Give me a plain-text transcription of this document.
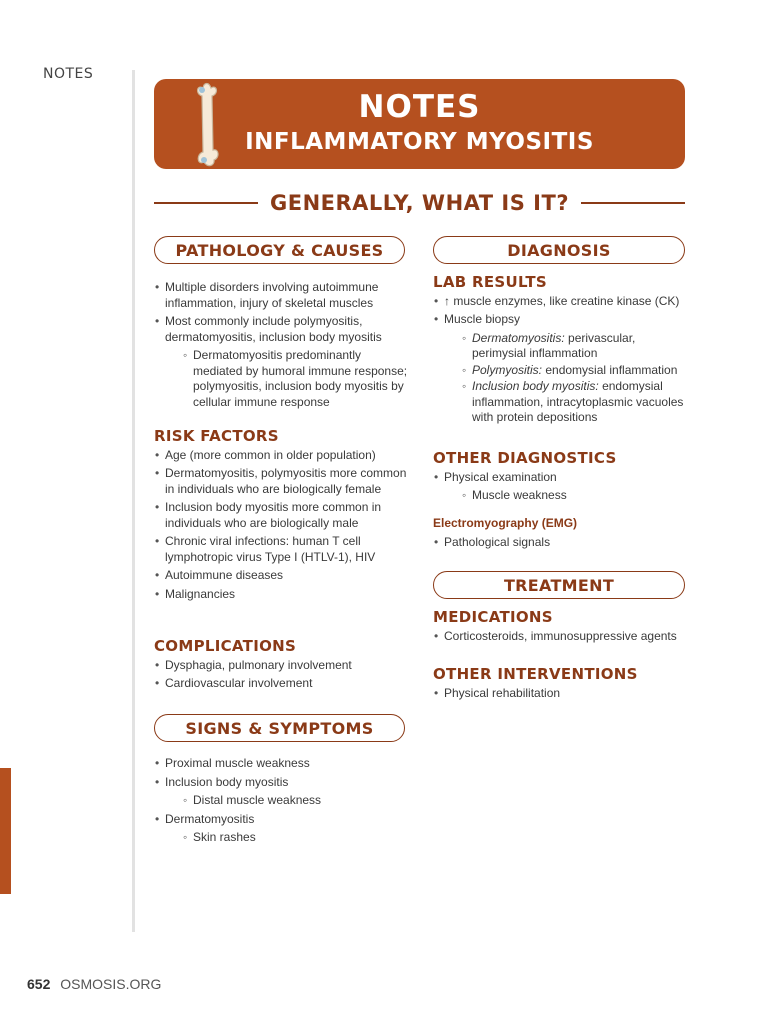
NOTES
NOTES
INFLAMMATORY MYOSITIS
GENERALLY, WHAT IS IT?
PATHOLOGY & CAUSES
• Multiple disorders involving autoimmune inflammation, injury of skeletal muscles
• Most commonly include polymyositis, dermatomyositis, inclusion body myositis
◦ Dermatomyositis predominantly mediated by humoral immune response; polymyositis, inclusion body myositis by cellular immune response
RISK FACTORS
• Age (more common in older population)
• Dermatomyositis, polymyositis more common in individuals who are biologically female
• Inclusion body myositis more common in individuals who are biologically male
• Chronic viral infections: human T cell lymphotropic virus Type I (HTLV-1), HIV
• Autoimmune diseases
• Malignancies
COMPLICATIONS
• Dysphagia, pulmonary involvement
• Cardiovascular involvement
SIGNS & SYMPTOMS
• Proximal muscle weakness
• Inclusion body myositis
◦ Distal muscle weakness
• Dermatomyositis
◦ Skin rashes
DIAGNOSIS
LAB RESULTS
• ↑ muscle enzymes, like creatine kinase (CK)
• Muscle biopsy
◦ Dermatomyositis: perivascular, perimysial inflammation
◦ Polymyositis: endomysial inflammation
◦ Inclusion body myositis: endomysial inflammation, intracytoplasmic vacuoles with protein depositions
OTHER DIAGNOSTICS
• Physical examination
◦ Muscle weakness
Electromyography (EMG)
• Pathological signals
TREATMENT
MEDICATIONS
• Corticosteroids, immunosuppressive agents
OTHER INTERVENTIONS
• Physical rehabilitation
652 OSMOSIS.ORG
